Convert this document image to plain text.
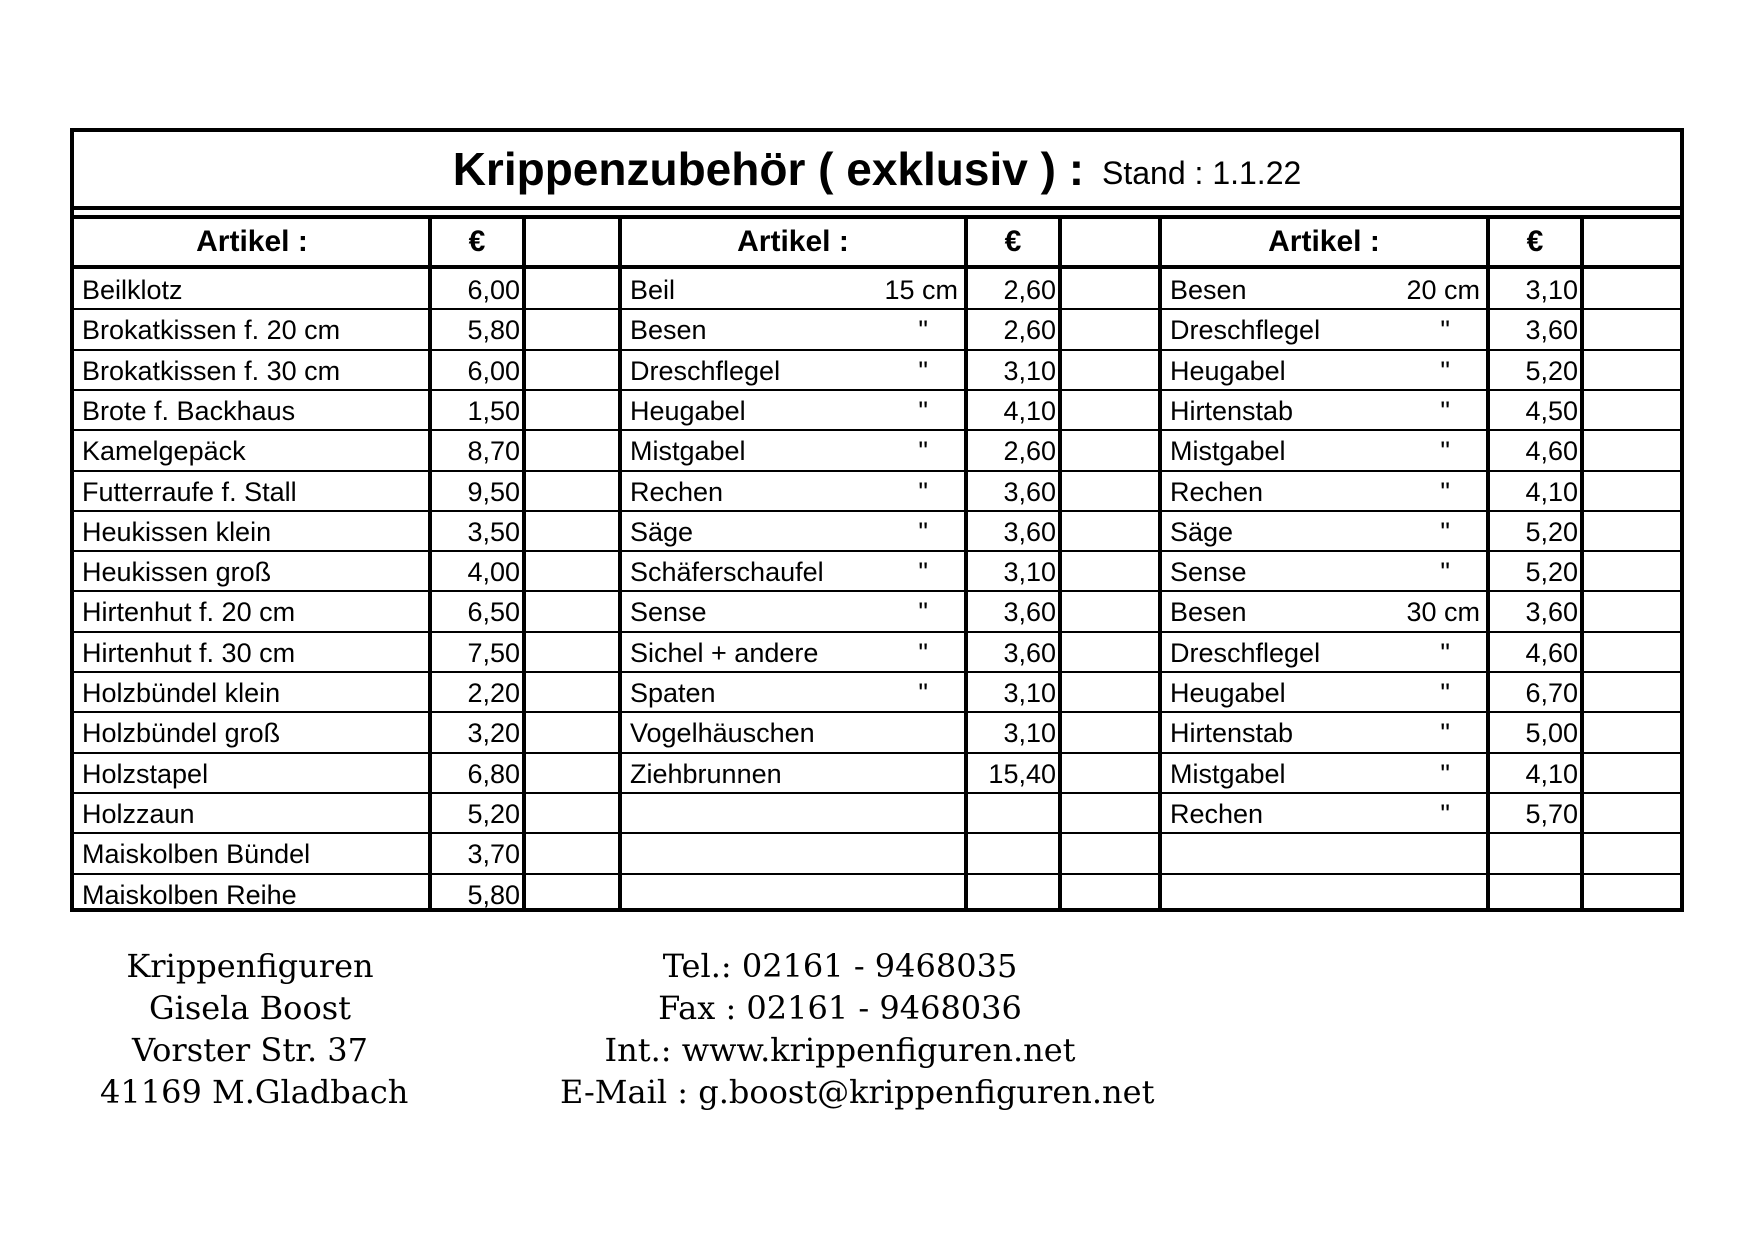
Krippenzubehör ( exklusiv ) : Stand : 1.1.22
Artikel :	€
Beilklotz	6,00
Brokatkissen f. 20 cm	5,80
Brokatkissen f. 30 cm	6,00
Brote f. Backhaus	1,50
Kamelgepäck	8,70
Futterraufe f. Stall	9,50
Heukissen klein	3,50
Heukissen groß	4,00
Hirtenhut f. 20 cm	6,50
Hirtenhut f. 30 cm	7,50
Holzbündel klein	2,20
Holzbündel groß	3,20
Holzstapel	6,80
Holzzaun	5,20
Maiskolben Bündel	3,70
Maiskolben Reihe	5,80
Artikel :	€
Beil	15 cm 2,60
Besen	"	2,60
Dreschflegel	"	3,10
Heugabel	"	4,10
Mistgabel	"	2,60
Rechen	"	3,60
Säge	"	3,60
Schäferschaufel	"	3,10
Sense	"	3,60
Sichel + andere	"	3,60
Spaten	"	3,10
Vogelhäuschen	3,10
Ziehbrunnen	15,40
Artikel :	€
Besen	20 cm 3,10
Dreschflegel	"	3,60
Heugabel	"	5,20
Hirtenstab	"	4,50
Mistgabel	"	4,60
Rechen	"	4,10
Säge	"	5,20
Sense	"	5,20
Besen	30 cm 3,60
Dreschflegel	"	4,60
Heugabel	"	6,70
Hirtenstab	"	5,00
Mistgabel	"	4,10
Rechen	"	5,70
Krippenfiguren
Gisela Boost
Vorster Str. 37
41169 M.Gladbach
Tel.: 02161 - 9468035
Fax : 02161 - 9468036
Int.: www.krippenfiguren.net
E-Mail : g.boost@krippenfiguren.net
